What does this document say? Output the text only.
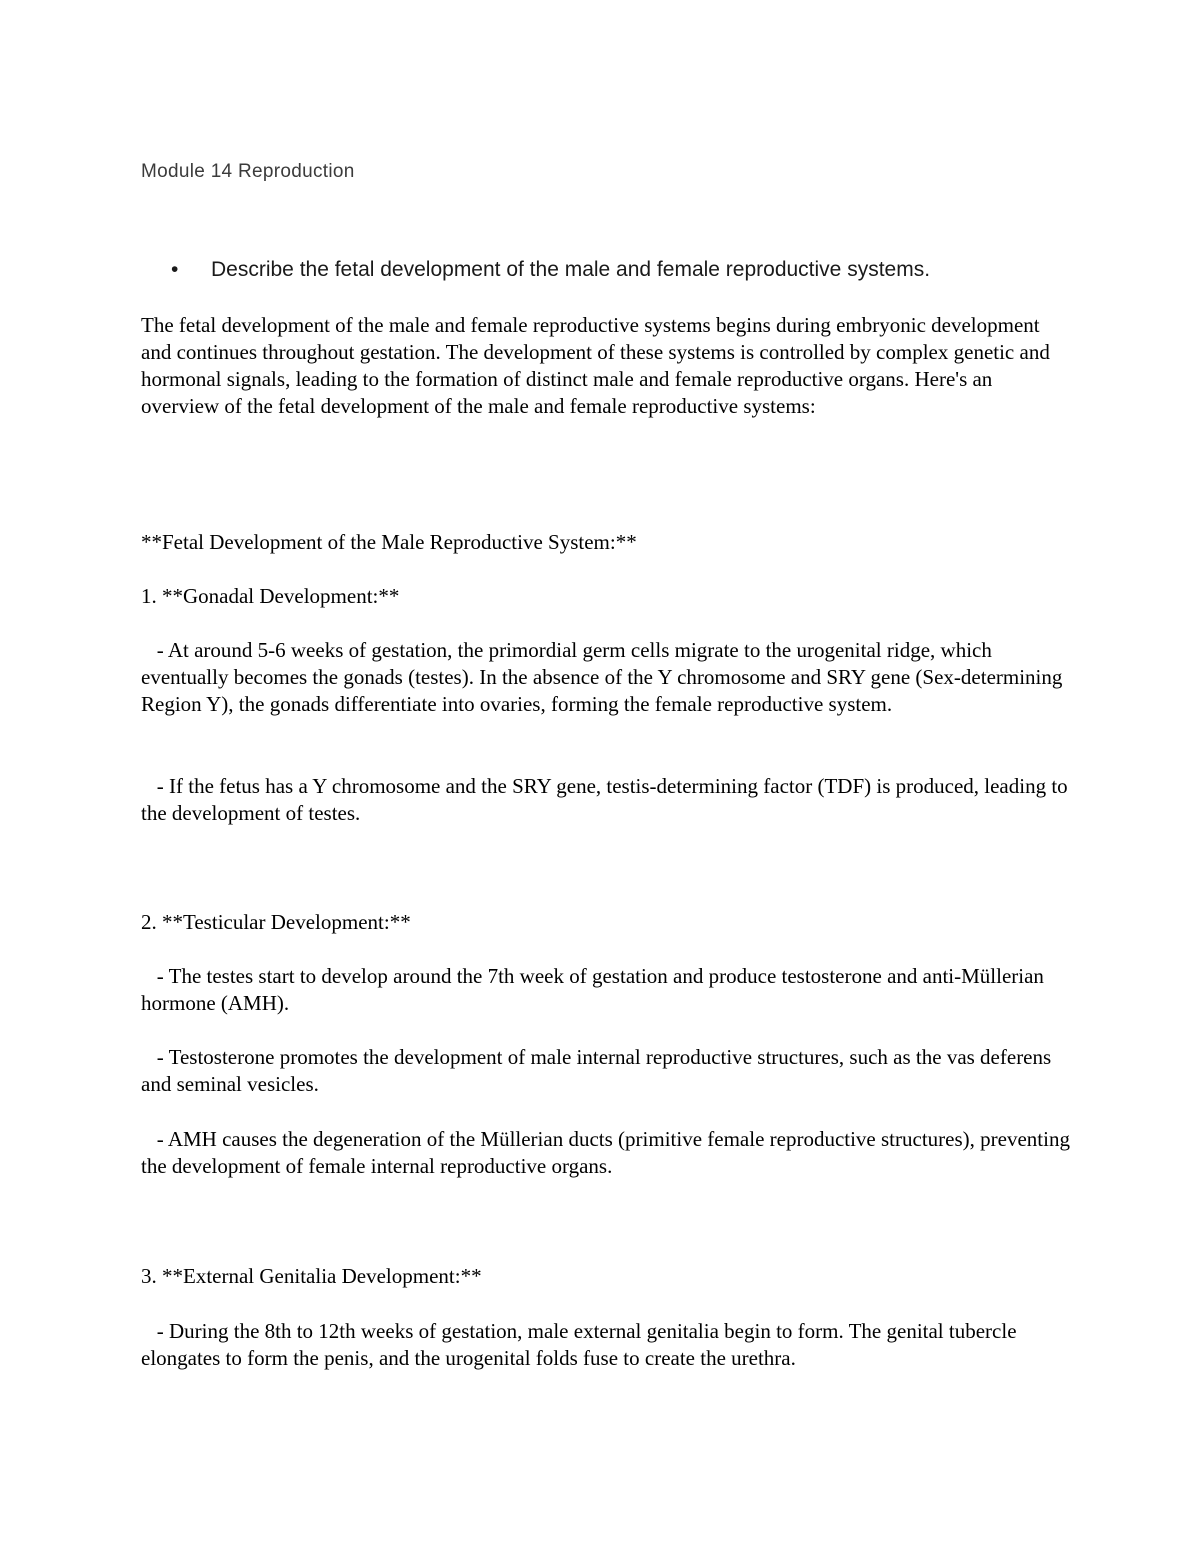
Module 14 Reproduction

• Describe the fetal development of the male and female reproductive systems.

The fetal development of the male and female reproductive systems begins during embryonic development and continues throughout gestation. The development of these systems is controlled by complex genetic and hormonal signals, leading to the formation of distinct male and female reproductive organs. Here's an overview of the fetal development of the male and female reproductive systems:

**Fetal Development of the Male Reproductive System:**

1. **Gonadal Development:**

- At around 5-6 weeks of gestation, the primordial germ cells migrate to the urogenital ridge, which eventually becomes the gonads (testes). In the absence of the Y chromosome and SRY gene (Sex-determining Region Y), the gonads differentiate into ovaries, forming the female reproductive system.

- If the fetus has a Y chromosome and the SRY gene, testis-determining factor (TDF) is produced, leading to the development of testes.

2. **Testicular Development:**

- The testes start to develop around the 7th week of gestation and produce testosterone and anti-Müllerian hormone (AMH).

- Testosterone promotes the development of male internal reproductive structures, such as the vas deferens and seminal vesicles.

- AMH causes the degeneration of the Müllerian ducts (primitive female reproductive structures), preventing the development of female internal reproductive organs.

3. **External Genitalia Development:**

- During the 8th to 12th weeks of gestation, male external genitalia begin to form. The genital tubercle elongates to form the penis, and the urogenital folds fuse to create the urethra.
